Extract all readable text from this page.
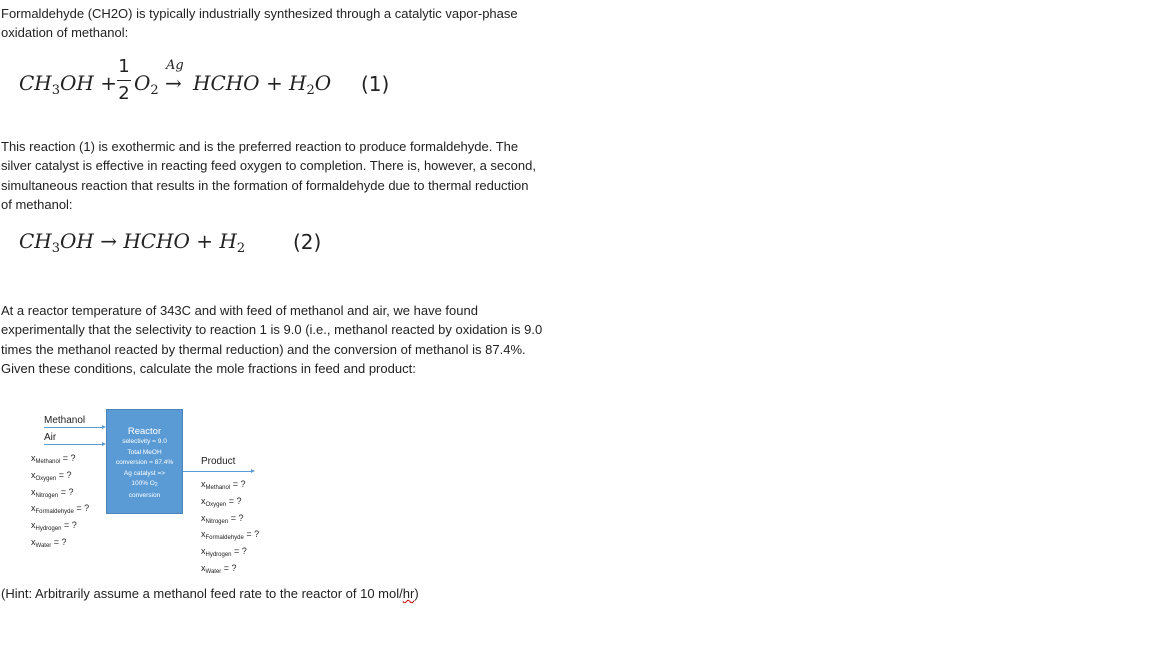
Formaldehyde (CH2O) is typically industrially synthesized through a catalytic vapor-phase
oxidation of methanol:
$CH_3OH$ +
1
2 $O_2$
Ag
→ HCHO + $H_2O$ (1)
This reaction (1) is exothermic and is the preferred reaction to produce formaldehyde. The
silver catalyst is effective in reacting feed oxygen to completion. There is, however, a second,
simultaneous reaction that results in the formation of formaldehyde due to thermal reduction
of methanol:
$CH_3OH$ → HCHO + $H_2$ (2)
At a reactor temperature of 343C and with feed of methanol and air, we have found
experimentally that the selectivity to reaction 1 is 9.0 (i.e., methanol reacted by oxidation is 9.0
times the methanol reacted by thermal reduction) and the conversion of methanol is 87.4%.
Given these conditions, calculate the mole fractions in feed and product:
Methanol
Air
$x_{Methanol}$ = ?
$x_{Oxygen}$ = ?
$x_{Nitrogen}$ = ?
$x_{Formaldehyde}$ = ?
$x_{Hydrogen}$ = ?
$x_{Water}$ = ?
Reactor
selectivity = 9.0
Total MeOH
conversion = 87.4%
Ag catalyst =>
100% O2
conversion
Product
$x_{Methanol}$ = ?
$x_{Oxygen}$ = ?
$x_{Nitrogen}$ = ?
$x_{Formaldehyde}$ = ?
$x_{Hydrogen}$ = ?
$x_{Water}$ = ?
(Hint: Arbitrarily assume a methanol feed rate to the reactor of 10 mol/hr)
